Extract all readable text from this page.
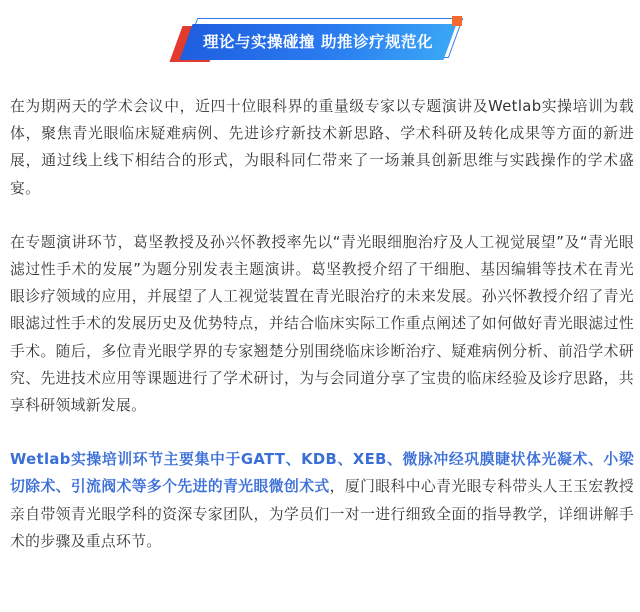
理论与实操碰撞 助推诊疗规范化

在为期两天的学术会议中，近四十位眼科界的重量级专家以专题演讲及Wetlab实操培训为载体，聚焦青光眼临床疑难病例、先进诊疗新技术新思路、学术科研及转化成果等方面的新进展，通过线上线下相结合的形式，为眼科同仁带来了一场兼具创新思维与实践操作的学术盛宴。

在专题演讲环节，葛坚教授及孙兴怀教授率先以“青光眼细胞治疗及人工视觉展望”及“青光眼滤过性手术的发展”为题分别发表主题演讲。葛坚教授介绍了干细胞、基因编辑等技术在青光眼诊疗领域的应用，并展望了人工视觉装置在青光眼治疗的未来发展。孙兴怀教授介绍了青光眼滤过性手术的发展历史及优势特点，并结合临床实际工作重点阐述了如何做好青光眼滤过性手术。随后，多位青光眼学界的专家翘楚分别围绕临床诊断治疗、疑难病例分析、前沿学术研究、先进技术应用等课题进行了学术研讨，为与会同道分享了宝贵的临床经验及诊疗思路，共享科研领域新发展。

Wetlab实操培训环节主要集中于GATT、KDB、XEB、微脉冲经巩膜睫状体光凝术、小梁切除术、引流阀术等多个先进的青光眼微创术式，厦门眼科中心青光眼专科带头人王玉宏教授亲自带领青光眼学科的资深专家团队，为学员们一对一进行细致全面的指导教学，详细讲解手术的步骤及重点环节。
